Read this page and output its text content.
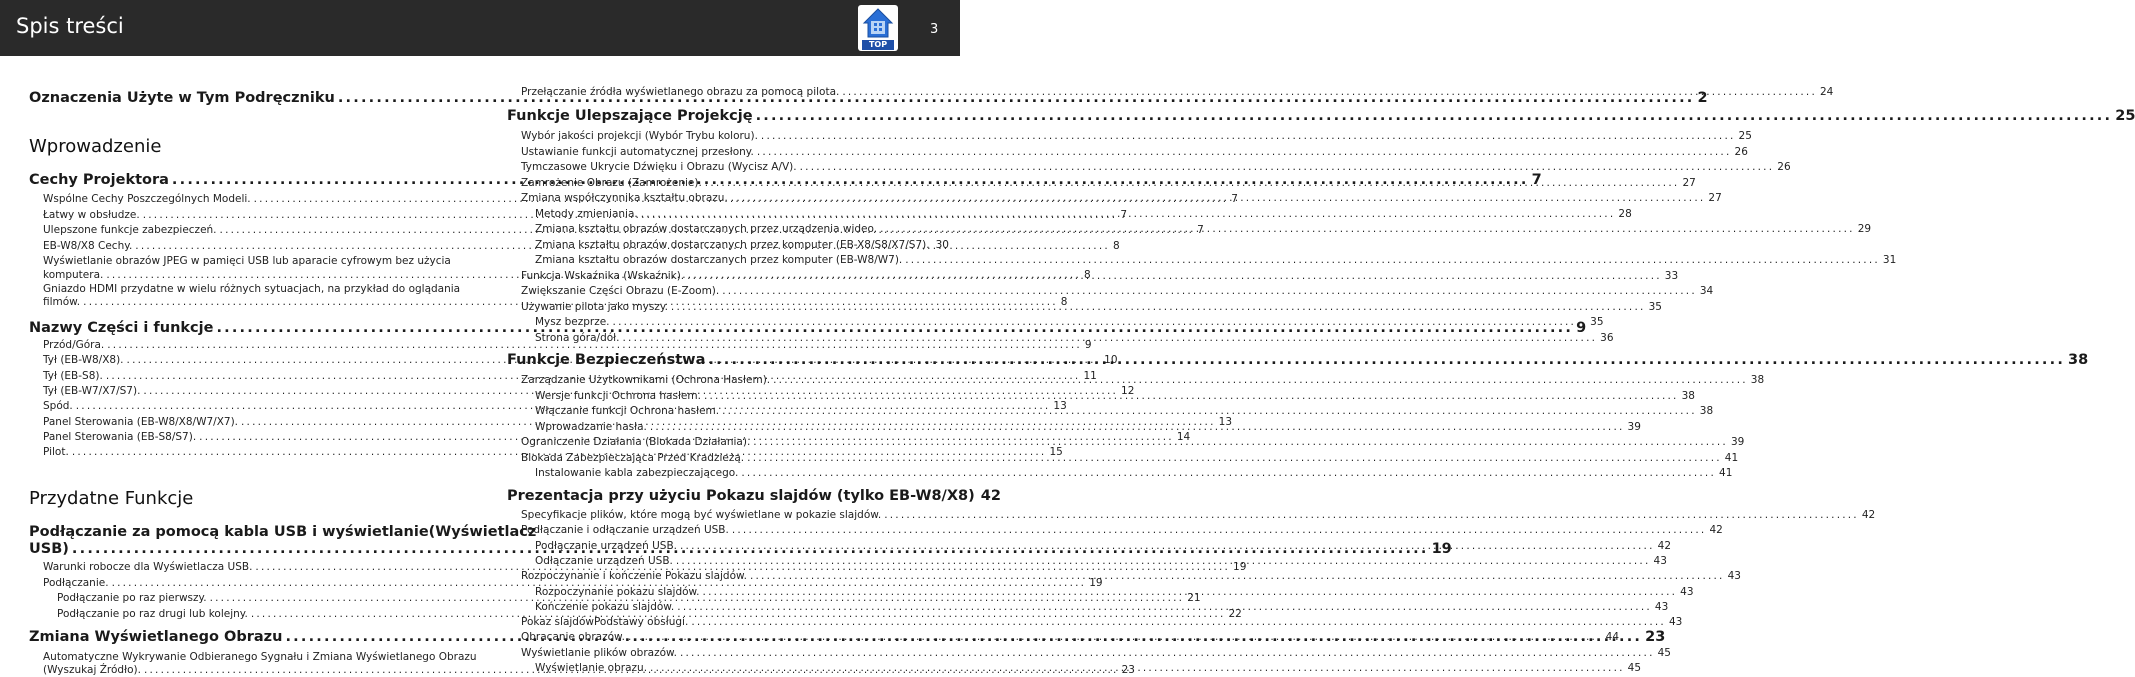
Spis treści
TOP
3
Oznaczenia Użyte w Tym Podręczniku .....	2
Wprowadzenie
Cechy Projektora .....	7
Wspólne Cechy Poszczególnych Modeli. .....	7
Łatwy w obsłudze. .....	7
Ulepszone funkcje zabezpieczeń. .....	7
EB-W8/X8 Cechy. .....	8
Wyświetlanie obrazów JPEG w pamięci USB lub aparacie cyfrowym bez użycia
komputera. .....	8
Gniazdo HDMI przydatne w wielu różnych sytuacjach, na przykład do oglądania
filmów. .....	8
Nazwy Części i funkcje .....	9
Przód/Góra. .....	9
Tył (EB-W8/X8). .....	10
Tył (EB-S8). .....	11
Tył (EB-W7/X7/S7). .....	12
Spód. .....	13
Panel Sterowania (EB-W8/X8/W7/X7). .....	13
Panel Sterowania (EB-S8/S7). .....	14
Pilot. .....	15
Przydatne Funkcje
Podłączanie za pomocą kabla USB i wyświetlanie(Wyświetlacz
USB) .....	19
Warunki robocze dla Wyświetlacza USB. .....	19
Podłączanie. .....	19
Podłączanie po raz pierwszy. .....	21
Podłączanie po raz drugi lub kolejny. .....	22
Zmiana Wyświetlanego Obrazu .....	23
Automatyczne Wykrywanie Odbieranego Sygnału i Zmiana Wyświetlanego Obrazu
(Wyszukaj Źródło). .....	23
Przełączanie źródła wyświetlanego obrazu za pomocą pilota. .....	24
Funkcje Ulepszające Projekcję .....	25
Wybór jakości projekcji (Wybór Trybu koloru). .....	25
Ustawianie funkcji automatycznej przesłony. .....	26
Tymczasowe Ukrycie Dźwięku i Obrazu (Wycisz A/V). .....	26
Zamrożenie Obrazu (Zamrożenie). .....	27
Zmiana współczynnika kształtu obrazu. .....	27
Metody zmieniania. .....	28
Zmiana kształtu obrazów dostarczanych przez urządzenia wideo. .....	29
Zmiana kształtu obrazów dostarczanych przez komputer (EB-X8/S8/X7/S7). 30
Zmiana kształtu obrazów dostarczanych przez komputer (EB-W8/W7). .....	31
Funkcja Wskaźnika (Wskaźnik). .....	33
Zwiększanie Części Obrazu (E-Zoom). .....	34
Używanie pilota jako myszy. .....	35
Mysz bezprze. .....	35
Strona góra/dół. .....	36
Funkcje Bezpieczeństwa .....	38
Zarządzanie Użytkownikami (Ochrona Hasłem). .....	38
Wersje funkcji Ochrona hasłem. .....	38
Włączanie funkcji Ochrona hasłem. .....	38
Wprowadzanie hasła. .....	39
Ograniczenie Działania (Blokada Działania). .....	39
Blokada Zabezpieczająca Przed Kradzieżą. .....	41
Instalowanie kabla zabezpieczającego. .....	41
Prezentacja przy użyciu Pokazu slajdów (tylko EB-W8/X8) 42
Specyfikacje plików, które mogą być wyświetlane w pokazie slajdów. .....	42
Podłączanie i odłączanie urządzeń USB. .....	42
Podłączanie urządzeń USB. .....	42
Odłączanie urządzeń USB. .....	43
Rozpoczynanie i kończenie Pokazu slajdów. .....	43
Rozpoczynanie pokazu slajdów. .....	43
Kończenie pokazu slajdów. .....	43
Pokaz slajdówPodstawy obsługi. .....	43
Obracanie obrazów. .....	44
Wyświetlanie plików obrazów. .....	45
Wyświetlanie obrazu. .....	45
